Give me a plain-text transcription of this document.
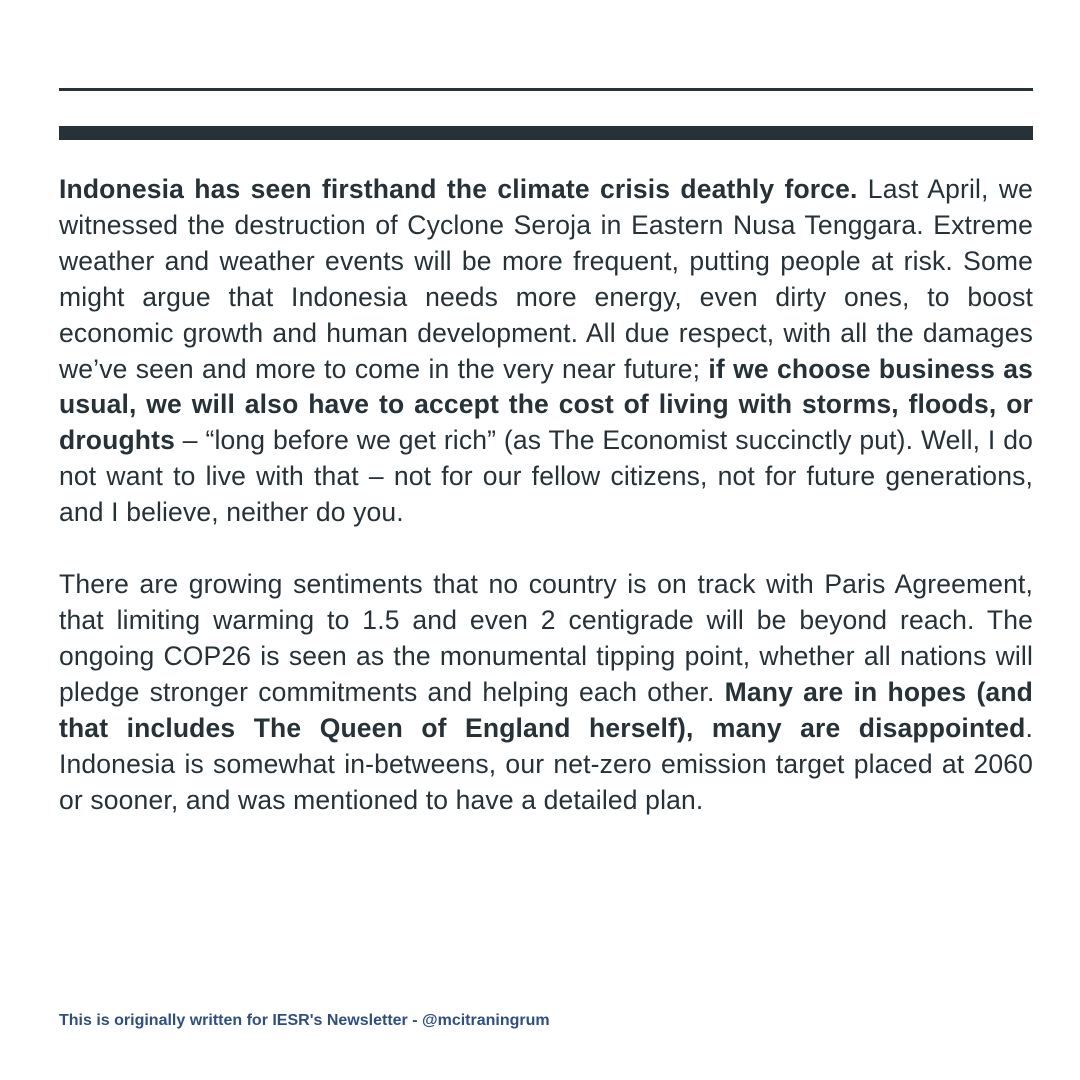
Indonesia has seen firsthand the climate crisis deathly force. Last April, we witnessed the destruction of Cyclone Seroja in Eastern Nusa Tenggara. Extreme weather and weather events will be more frequent, putting people at risk. Some might argue that Indonesia needs more energy, even dirty ones, to boost economic growth and human development. All due respect, with all the damages we’ve seen and more to come in the very near future; if we choose business as usual, we will also have to accept the cost of living with storms, floods, or droughts – “long before we get rich” (as The Economist succinctly put). Well, I do not want to live with that – not for our fellow citizens, not for future generations, and I believe, neither do you.

There are growing sentiments that no country is on track with Paris Agreement, that limiting warming to 1.5 and even 2 centigrade will be beyond reach. The ongoing COP26 is seen as the monumental tipping point, whether all nations will pledge stronger commitments and helping each other. Many are in hopes (and that includes The Queen of England herself), many are disappointed. Indonesia is somewhat in-betweens, our net-zero emission target placed at 2060 or sooner, and was mentioned to have a detailed plan.

This is originally written for IESR's Newsletter - @mcitraningrum
